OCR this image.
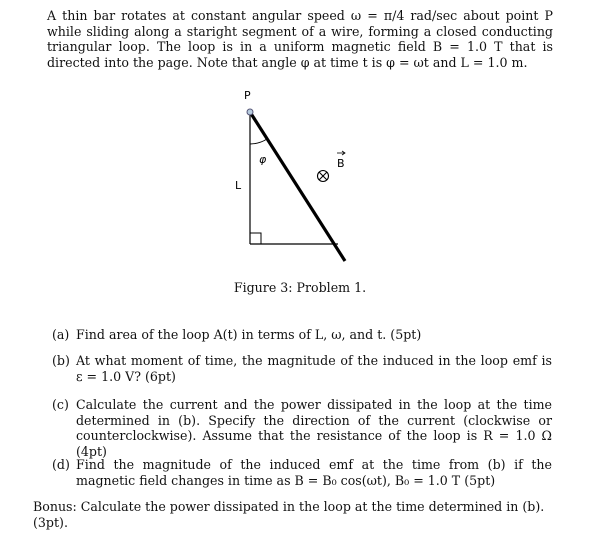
A thin bar rotates at constant angular speed ω = π/4 rad/sec about point P while sliding along a staright segment of a wire, forming a closed conducting triangular loop. The loop is in a uniform magnetic field B = 1.0 T that is directed into the page. Note that angle φ at time t is φ = ωt and L = 1.0 m.

P
φ
L
B
Figure 3: Problem 1.
(a) Find area of the loop A(t) in terms of L, ω, and t. (5pt)
(b) At what moment of time, the magnitude of the induced in the loop emf is ε = 1.0 V? (6pt)
(c) Calculate the current and the power dissipated in the loop at the time determined in (b). Specify the direction of the current (clockwise or counterclockwise). Assume that the resistance of the loop is R = 1.0 Ω (4pt)
(d) Find the magnitude of the induced emf at the time from (b) if the magnetic field changes in time as B = B₀ cos(ωt), B₀ = 1.0 T (5pt)

Bonus: Calculate the power dissipated in the loop at the time determined in (b). (3pt).
